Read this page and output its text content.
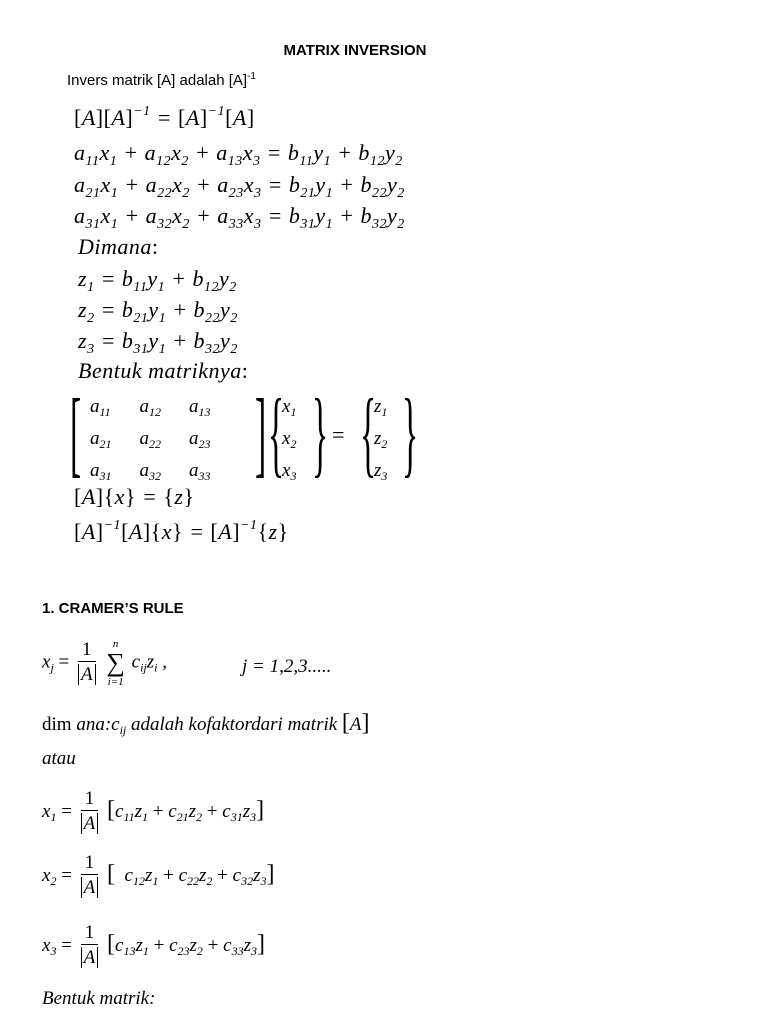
MATRIX INVERSION
Invers matrik [A] adalah $[A]^{-1}$
$[A][A]^{-1} = [A]^{-1}[A]$
$a_{11}x_1 + a_{12}x_2 + a_{13}x_3 = b_{11}y_1 + b_{12}y_2$
$a_{21}x_1 + a_{22}x_2 + a_{23}x_3 = b_{21}y_1 + b_{22}y_2$
$a_{31}x_1 + a_{32}x_2 + a_{33}x_3 = b_{31}y_1 + b_{32}y_2$
Dimana:
$z_1 = b_{11}y_1 + b_{12}y_2$
$z_2 = b_{21}y_1 + b_{22}y_2$
$z_3 = b_{31}y_1 + b_{32}y_2$
Bentuk matriknya:
[ $a_{11}$	$a_{12}$	$a_{13}$
$a_{21}$	$a_{22}$	$a_{23}$
$a_{31}$	$a_{32}$	$a_{33}$ ] {
$x_1$
$x_2$
$x_3$ } = {
$z_1$
$z_2$
$z_3$ }
[A]{x} = {z}
$[A]^{-1}[A]\{x\} = [A]^{-1}\{z\}$
1. CRAMER’S RULE
$x_j = \frac{1}{A}$ n
∑
i=1 $c_{ij}z_i$ ,	j = 1,2,3.....
dim $ana:c_{ij}$ adalah kofaktordari matrik [A]
atau
$x_1 = \frac{1}{A} [c_{11}z_1 + c_{21}z_2 + c_{31}z_3]$
$x_2 = \frac{1}{A}$ [  $c_{12}z_1 + c_{22}z_2 + c_{32}z_3$]
$x_3 = \frac{1}{A} [c_{13}z_1 + c_{23}z_2 + c_{33}z_3]$
Bentuk matrik:
